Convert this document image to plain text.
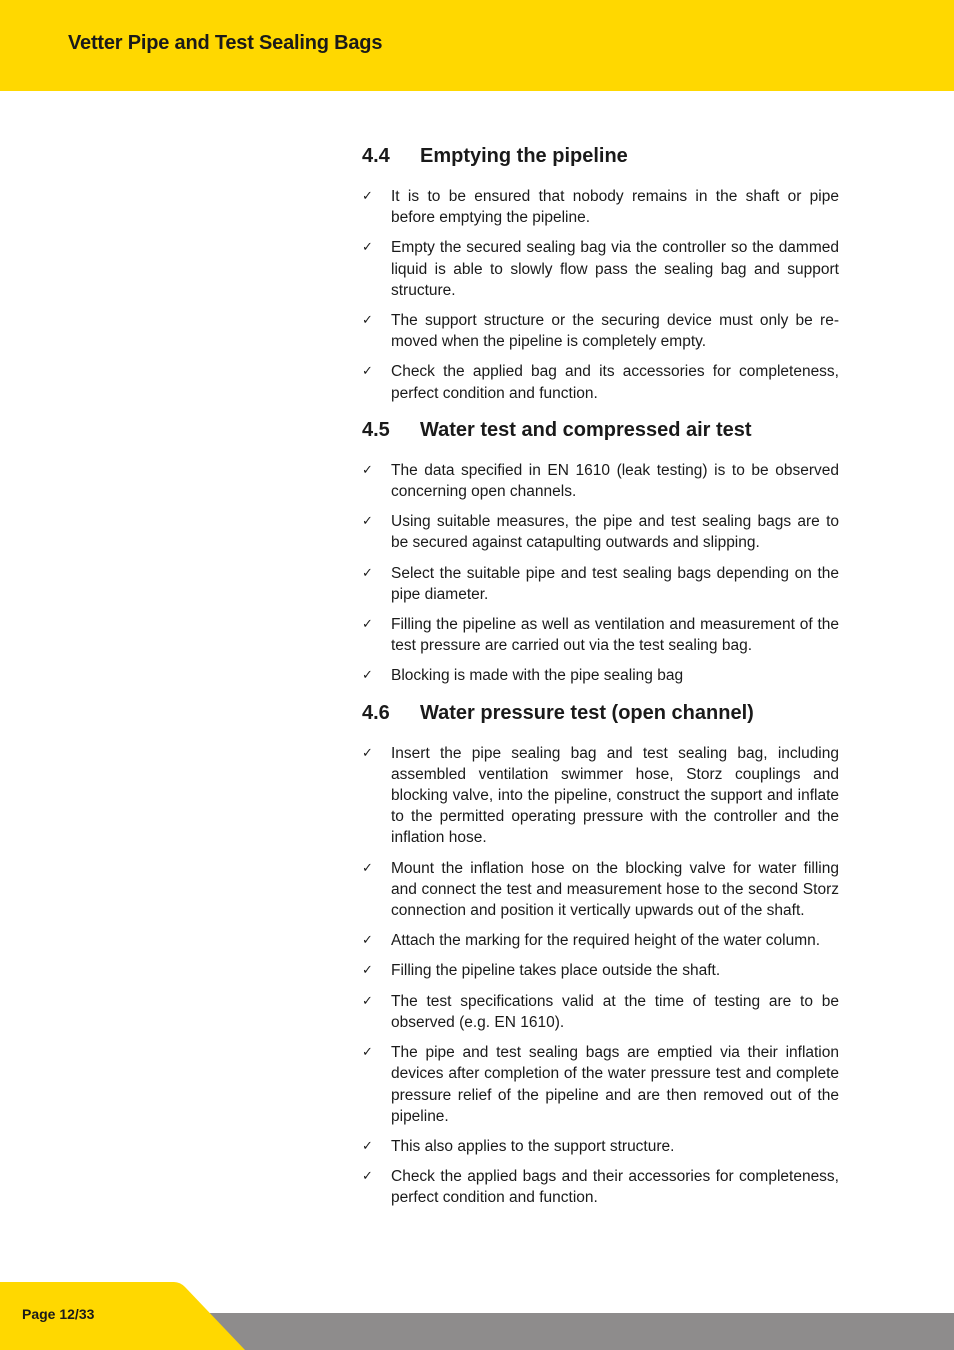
Vetter Pipe and Test Sealing Bags
4.4	Emptying the pipeline
✓ It is to be ensured that nobody remains in the shaft or pipe before emptying the pipeline.
✓ Empty the secured sealing bag via the controller so the dammed liquid is able to slowly flow pass the sealing bag and support structure.
✓ The support structure or the securing device must only be removed when the pipeline is completely empty.
✓ Check the applied bag and its accessories for completeness, perfect condition and function.
4.5	Water test and compressed air test
✓ The data specified in EN 1610 (leak testing) is to be observed concerning open channels.
✓ Using suitable measures, the pipe and test sealing bags are to be secured against catapulting outwards and slipping.
✓ Select the suitable pipe and test sealing bags depending on the pipe diameter.
✓ Filling the pipeline as well as ventilation and measurement of the test pressure are carried out via the test sealing bag.
✓ Blocking is made with the pipe sealing bag
4.6	Water pressure test (open channel)
✓ Insert the pipe sealing bag and test sealing bag, including assembled ventilation swimmer hose, Storz couplings and blocking valve, into the pipeline, construct the support and inflate to the permitted operating pressure with the controller and the inflation hose.
✓ Mount the inflation hose on the blocking valve for water filling and connect the test and measurement hose to the second Storz connection and position it vertically upwards out of the shaft.
✓ Attach the marking for the required height of the water column.
✓ Filling the pipeline takes place outside the shaft.
✓ The test specifications valid at the time of testing are to be observed (e.g. EN 1610).
✓ The pipe and test sealing bags are emptied via their inflation devices after completion of the water pressure test and complete pressure relief of the pipeline and are then removed out of the pipeline.
✓ This also applies to the support structure.
✓ Check the applied bags and their accessories for completeness, perfect condition and function.
Page 12/33
